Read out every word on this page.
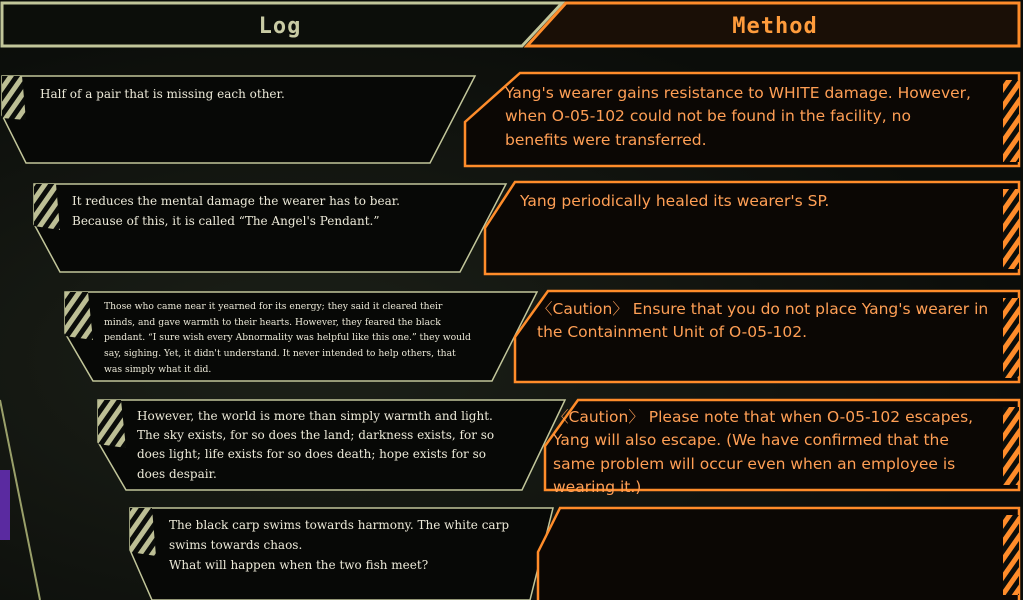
Log	Method
Half of a pair that is missing each other.
It reduces the mental damage the wearer has to bear. Because of this, it is called “The Angel's Pendant.”
Those who came near it yearned for its energy; they said it cleared their minds, and gave warmth to their hearts. However, they feared the black pendant. “I sure wish every Abnormality was helpful like this one.” they would say, sighing. Yet, it didn't understand. It never intended to help others, that was simply what it did.
However, the world is more than simply warmth and light. The sky exists, for so does the land; darkness exists, for so does light; life exists for so does death; hope exists for so does despair.
The black carp swims towards harmony. The white carp swims towards chaos.
What will happen when the two fish meet?
Yang's wearer gains resistance to WHITE damage. However, when O-05-102 could not be found in the facility, no benefits were transferred.
Yang periodically healed its wearer's SP.
〈Caution〉 Ensure that you do not place Yang's wearer in the Containment Unit of O-05-102.
〈Caution〉 Please note that when O-05-102 escapes, Yang will also escape. (We have confirmed that the same problem will occur even when an employee is wearing it.)
